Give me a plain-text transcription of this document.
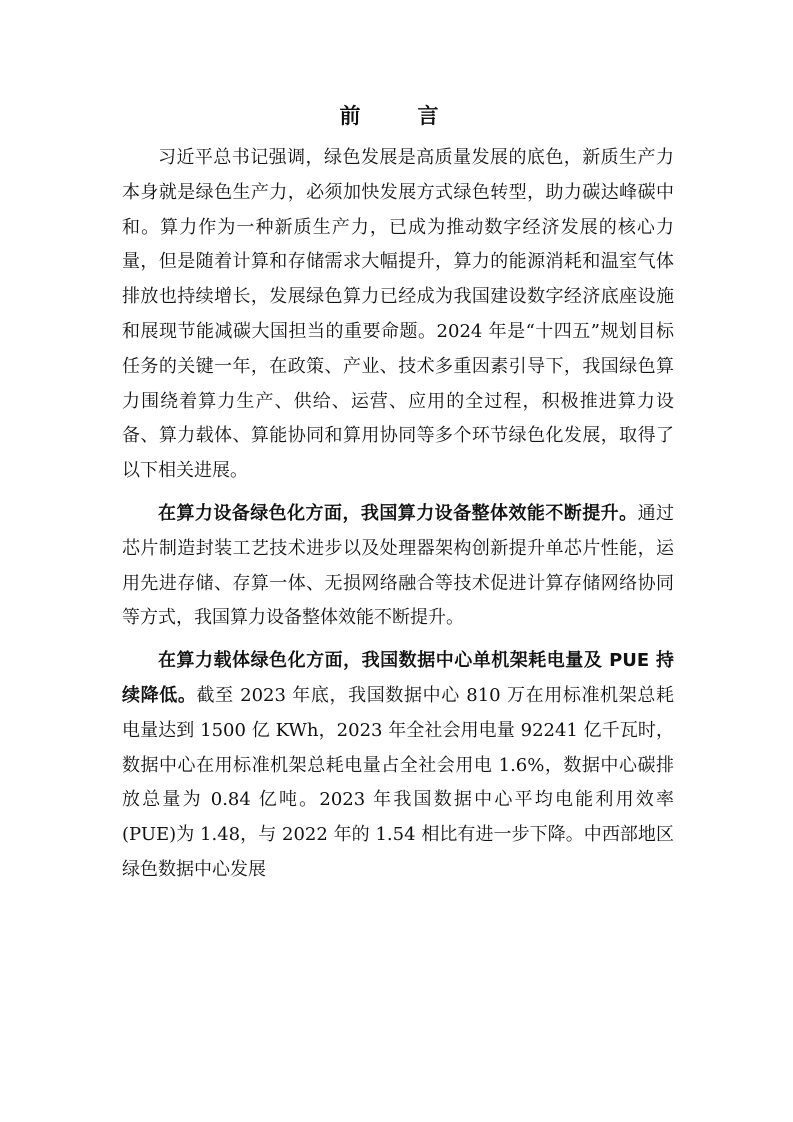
前　言

习近平总书记强调，绿色发展是高质量发展的底色，新质生产力本身就是绿色生产力，必须加快发展方式绿色转型，助力碳达峰碳中和。算力作为一种新质生产力，已成为推动数字经济发展的核心力量，但是随着计算和存储需求大幅提升，算力的能源消耗和温室气体排放也持续增长，发展绿色算力已经成为我国建设数字经济底座设施和展现节能减碳大国担当的重要命题。2024 年是“十四五”规划目标任务的关键一年，在政策、产业、技术多重因素引导下，我国绿色算力围绕着算力生产、供给、运营、应用的全过程，积极推进算力设备、算力载体、算能协同和算用协同等多个环节绿色化发展，取得了以下相关进展。

在算力设备绿色化方面，我国算力设备整体效能不断提升。通过芯片制造封装工艺技术进步以及处理器架构创新提升单芯片性能，运用先进存储、存算一体、无损网络融合等技术促进计算存储网络协同等方式，我国算力设备整体效能不断提升。

在算力载体绿色化方面，我国数据中心单机架耗电量及 PUE 持续降低。截至 2023 年底，我国数据中心 810 万在用标准机架总耗电量达到 1500 亿 KWh，2023 年全社会用电量 92241 亿千瓦时，数据中心在用标准机架总耗电量占全社会用电 1.6%，数据中心碳排放总量为 0.84 亿吨。2023 年我国数据中心平均电能利用效率(PUE)为 1.48，与 2022 年的 1.54 相比有进一步下降。中西部地区绿色数据中心发展
